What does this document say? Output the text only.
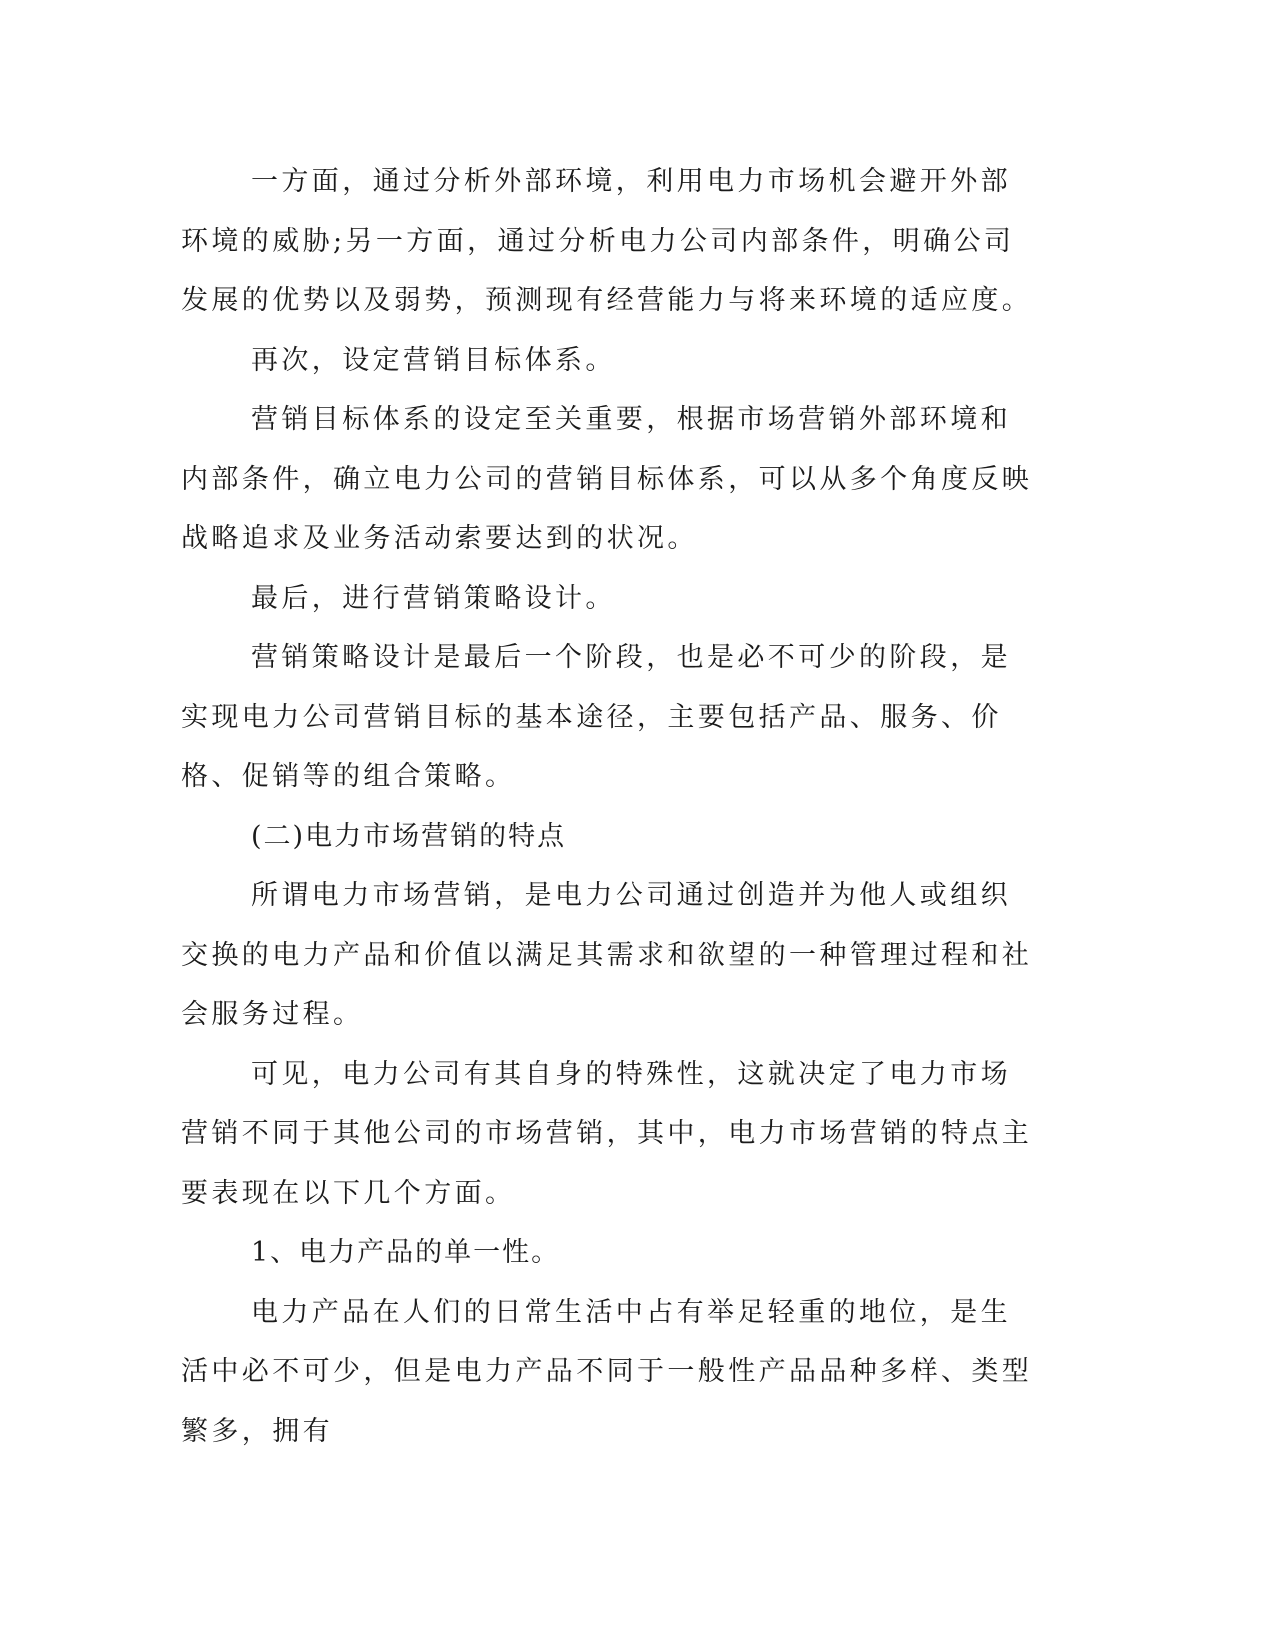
一方面，通过分析外部环境，利用电力市场机会避开外部环境的威胁;另一方面，通过分析电力公司内部条件，明确公司发展的优势以及弱势，预测现有经营能力与将来环境的适应度。

再次，设定营销目标体系。

营销目标体系的设定至关重要，根据市场营销外部环境和内部条件，确立电力公司的营销目标体系，可以从多个角度反映战略追求及业务活动索要达到的状况。

最后，进行营销策略设计。

营销策略设计是最后一个阶段，也是必不可少的阶段，是实现电力公司营销目标的基本途径，主要包括产品、服务、价格、促销等的组合策略。

(二)电力市场营销的特点

所谓电力市场营销，是电力公司通过创造并为他人或组织交换的电力产品和价值以满足其需求和欲望的一种管理过程和社会服务过程。

可见，电力公司有其自身的特殊性，这就决定了电力市场营销不同于其他公司的市场营销，其中，电力市场营销的特点主要表现在以下几个方面。

1、电力产品的单一性。

电力产品在人们的日常生活中占有举足轻重的地位，是生活中必不可少，但是电力产品不同于一般性产品品种多样、类型繁多，拥有
